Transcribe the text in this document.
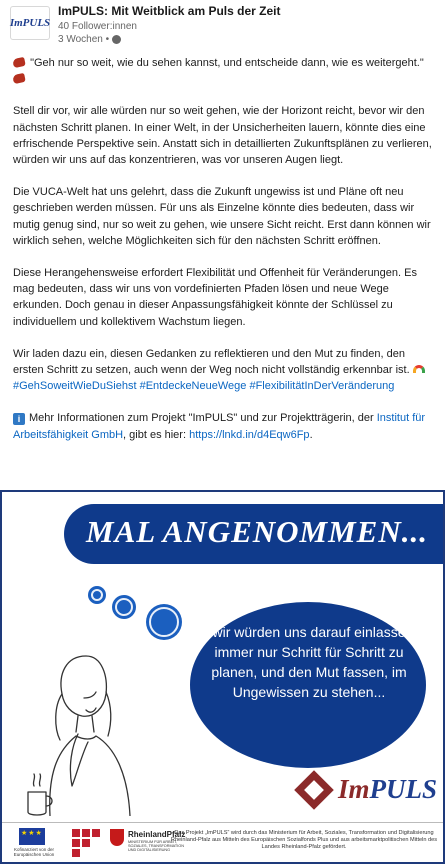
ImPULS
ImPULS: Mit Weitblick am Puls der Zeit
40 Follower:innen
3 Wochen •

"Geh nur so weit, wie du sehen kannst, und entscheide dann, wie es weitergeht."

Stell dir vor, wir alle würden nur so weit gehen, wie der Horizont reicht, bevor wir den nächsten Schritt planen. In einer Welt, in der Unsicherheiten lauern, könnte dies eine erfrischende Perspektive sein. Anstatt sich in detaillierten Zukunftsplänen zu verlieren, würden wir uns auf das konzentrieren, was vor unseren Augen liegt.

Die VUCA-Welt hat uns gelehrt, dass die Zukunft ungewiss ist und Pläne oft neu geschrieben werden müssen. Für uns als Einzelne könnte dies bedeuten, dass wir mutig genug sind, nur so weit zu gehen, wie unsere Sicht reicht. Erst dann können wir wirklich sehen, welche Möglichkeiten sich für den nächsten Schritt eröffnen.

Diese Herangehensweise erfordert Flexibilität und Offenheit für Veränderungen. Es mag bedeuten, dass wir uns von vordefinierten Pfaden lösen und neue Wege erkunden. Doch genau in dieser Anpassungsfähigkeit könnte der Schlüssel zu individuellem und kollektivem Wachstum liegen.

Wir laden dazu ein, diesen Gedanken zu reflektieren und den Mut zu finden, den ersten Schritt zu setzen, auch wenn der Weg noch nicht vollständig erkennbar ist. #GehSoweitWieDuSiehst #EntdeckeNeueWege #FlexibilitätInDerVeränderung

i Mehr Informationen zum Projekt "ImPULS" und zur Projektträgerin, der Institut für Arbeitsfähigkeit GmbH, gibt es hier: https://lnkd.in/d4Eqw6Fp.

MAL ANGENOMMEN...
...wir würden uns darauf einlassen, immer nur Schritt für Schritt zu planen, und den Mut fassen, im Ungewissen zu stehen...
ImPULS
★★★
Kofinanziert von der Europäischen Union
RheinlandPfalz
MINISTERIUM FÜR ARBEIT, SOZIALES, TRANSFORMATION UND DIGITALISIERUNG
Das Projekt „ImPULS“ wird durch das Ministerium für Arbeit, Soziales, Transformation und Digitalisierung Rheinland-Pfalz aus Mitteln des Europäischen Sozialfonds Plus und aus arbeitsmarktpolitischen Mitteln des Landes Rheinland-Pfalz gefördert.
